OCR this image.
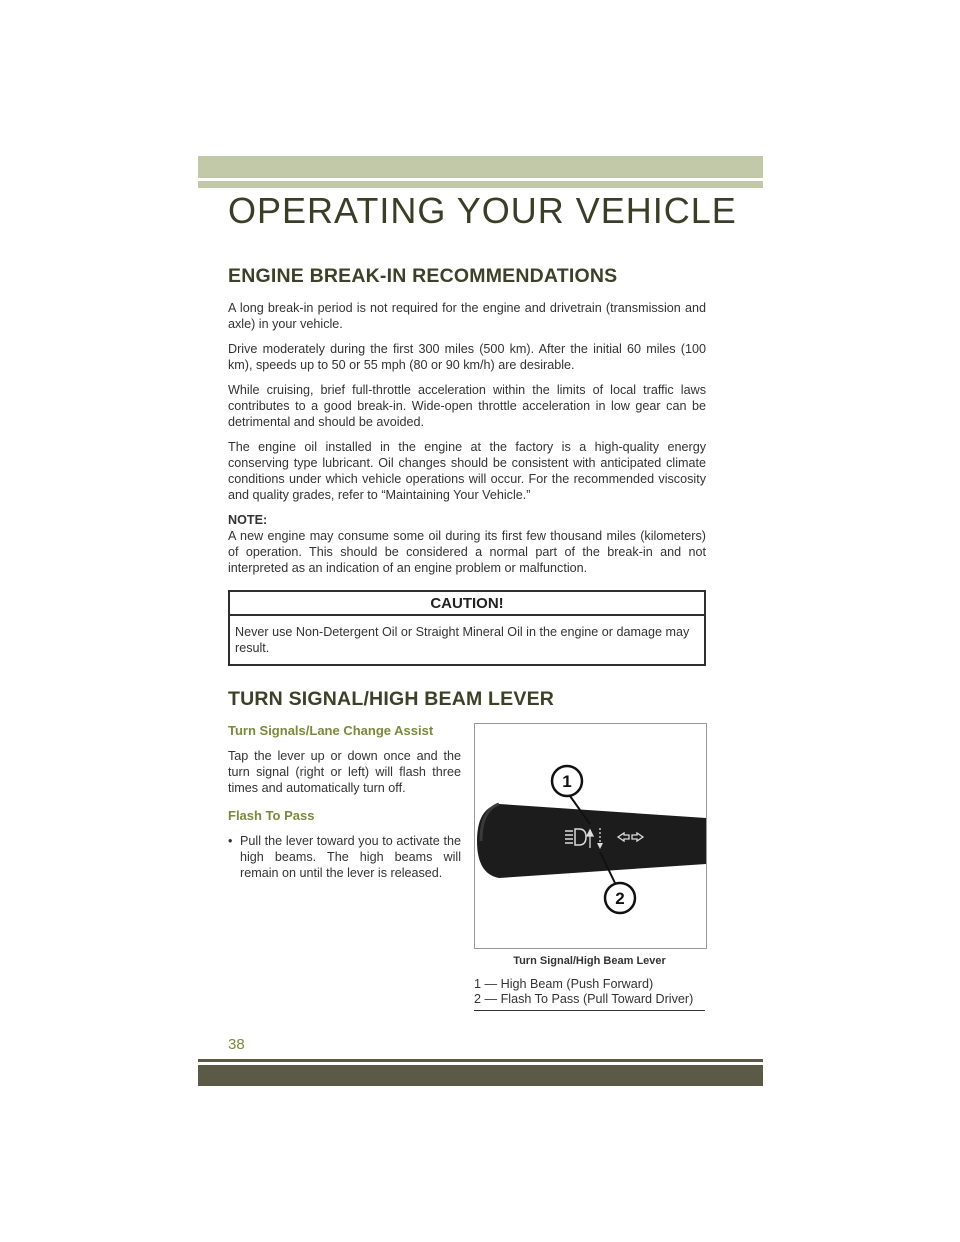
OPERATING YOUR VEHICLE
ENGINE BREAK-IN RECOMMENDATIONS

A long break-in period is not required for the engine and drivetrain (transmission and axle) in your vehicle.

Drive moderately during the first 300 miles (500 km). After the initial 60 miles (100 km), speeds up to 50 or 55 mph (80 or 90 km/h) are desirable.

While cruising, brief full-throttle acceleration within the limits of local traffic laws contributes to a good break-in. Wide-open throttle acceleration in low gear can be detrimental and should be avoided.

The engine oil installed in the engine at the factory is a high-quality energy conserving type lubricant. Oil changes should be consistent with anticipated climate conditions under which vehicle operations will occur. For the recommended viscosity and quality grades, refer to “Maintaining Your Vehicle.”

NOTE:

A new engine may consume some oil during its first few thousand miles (kilometers) of operation. This should be considered a normal part of the break-in and not interpreted as an indication of an engine problem or malfunction.

CAUTION!
Never use Non-Detergent Oil or Straight Mineral Oil in the engine or damage may result.
TURN SIGNAL/HIGH BEAM LEVER
Turn Signals/Lane Change Assist

Tap the lever up or down once and the turn signal (right or left) will flash three times and automatically turn off.

Flash To Pass
• Pull the lever toward you to activate the high beams. The high beams will remain on until the lever is released.
1
2
Turn Signal/High Beam Lever
1 — High Beam (Push Forward)
2 — Flash To Pass (Pull Toward Driver)
38
